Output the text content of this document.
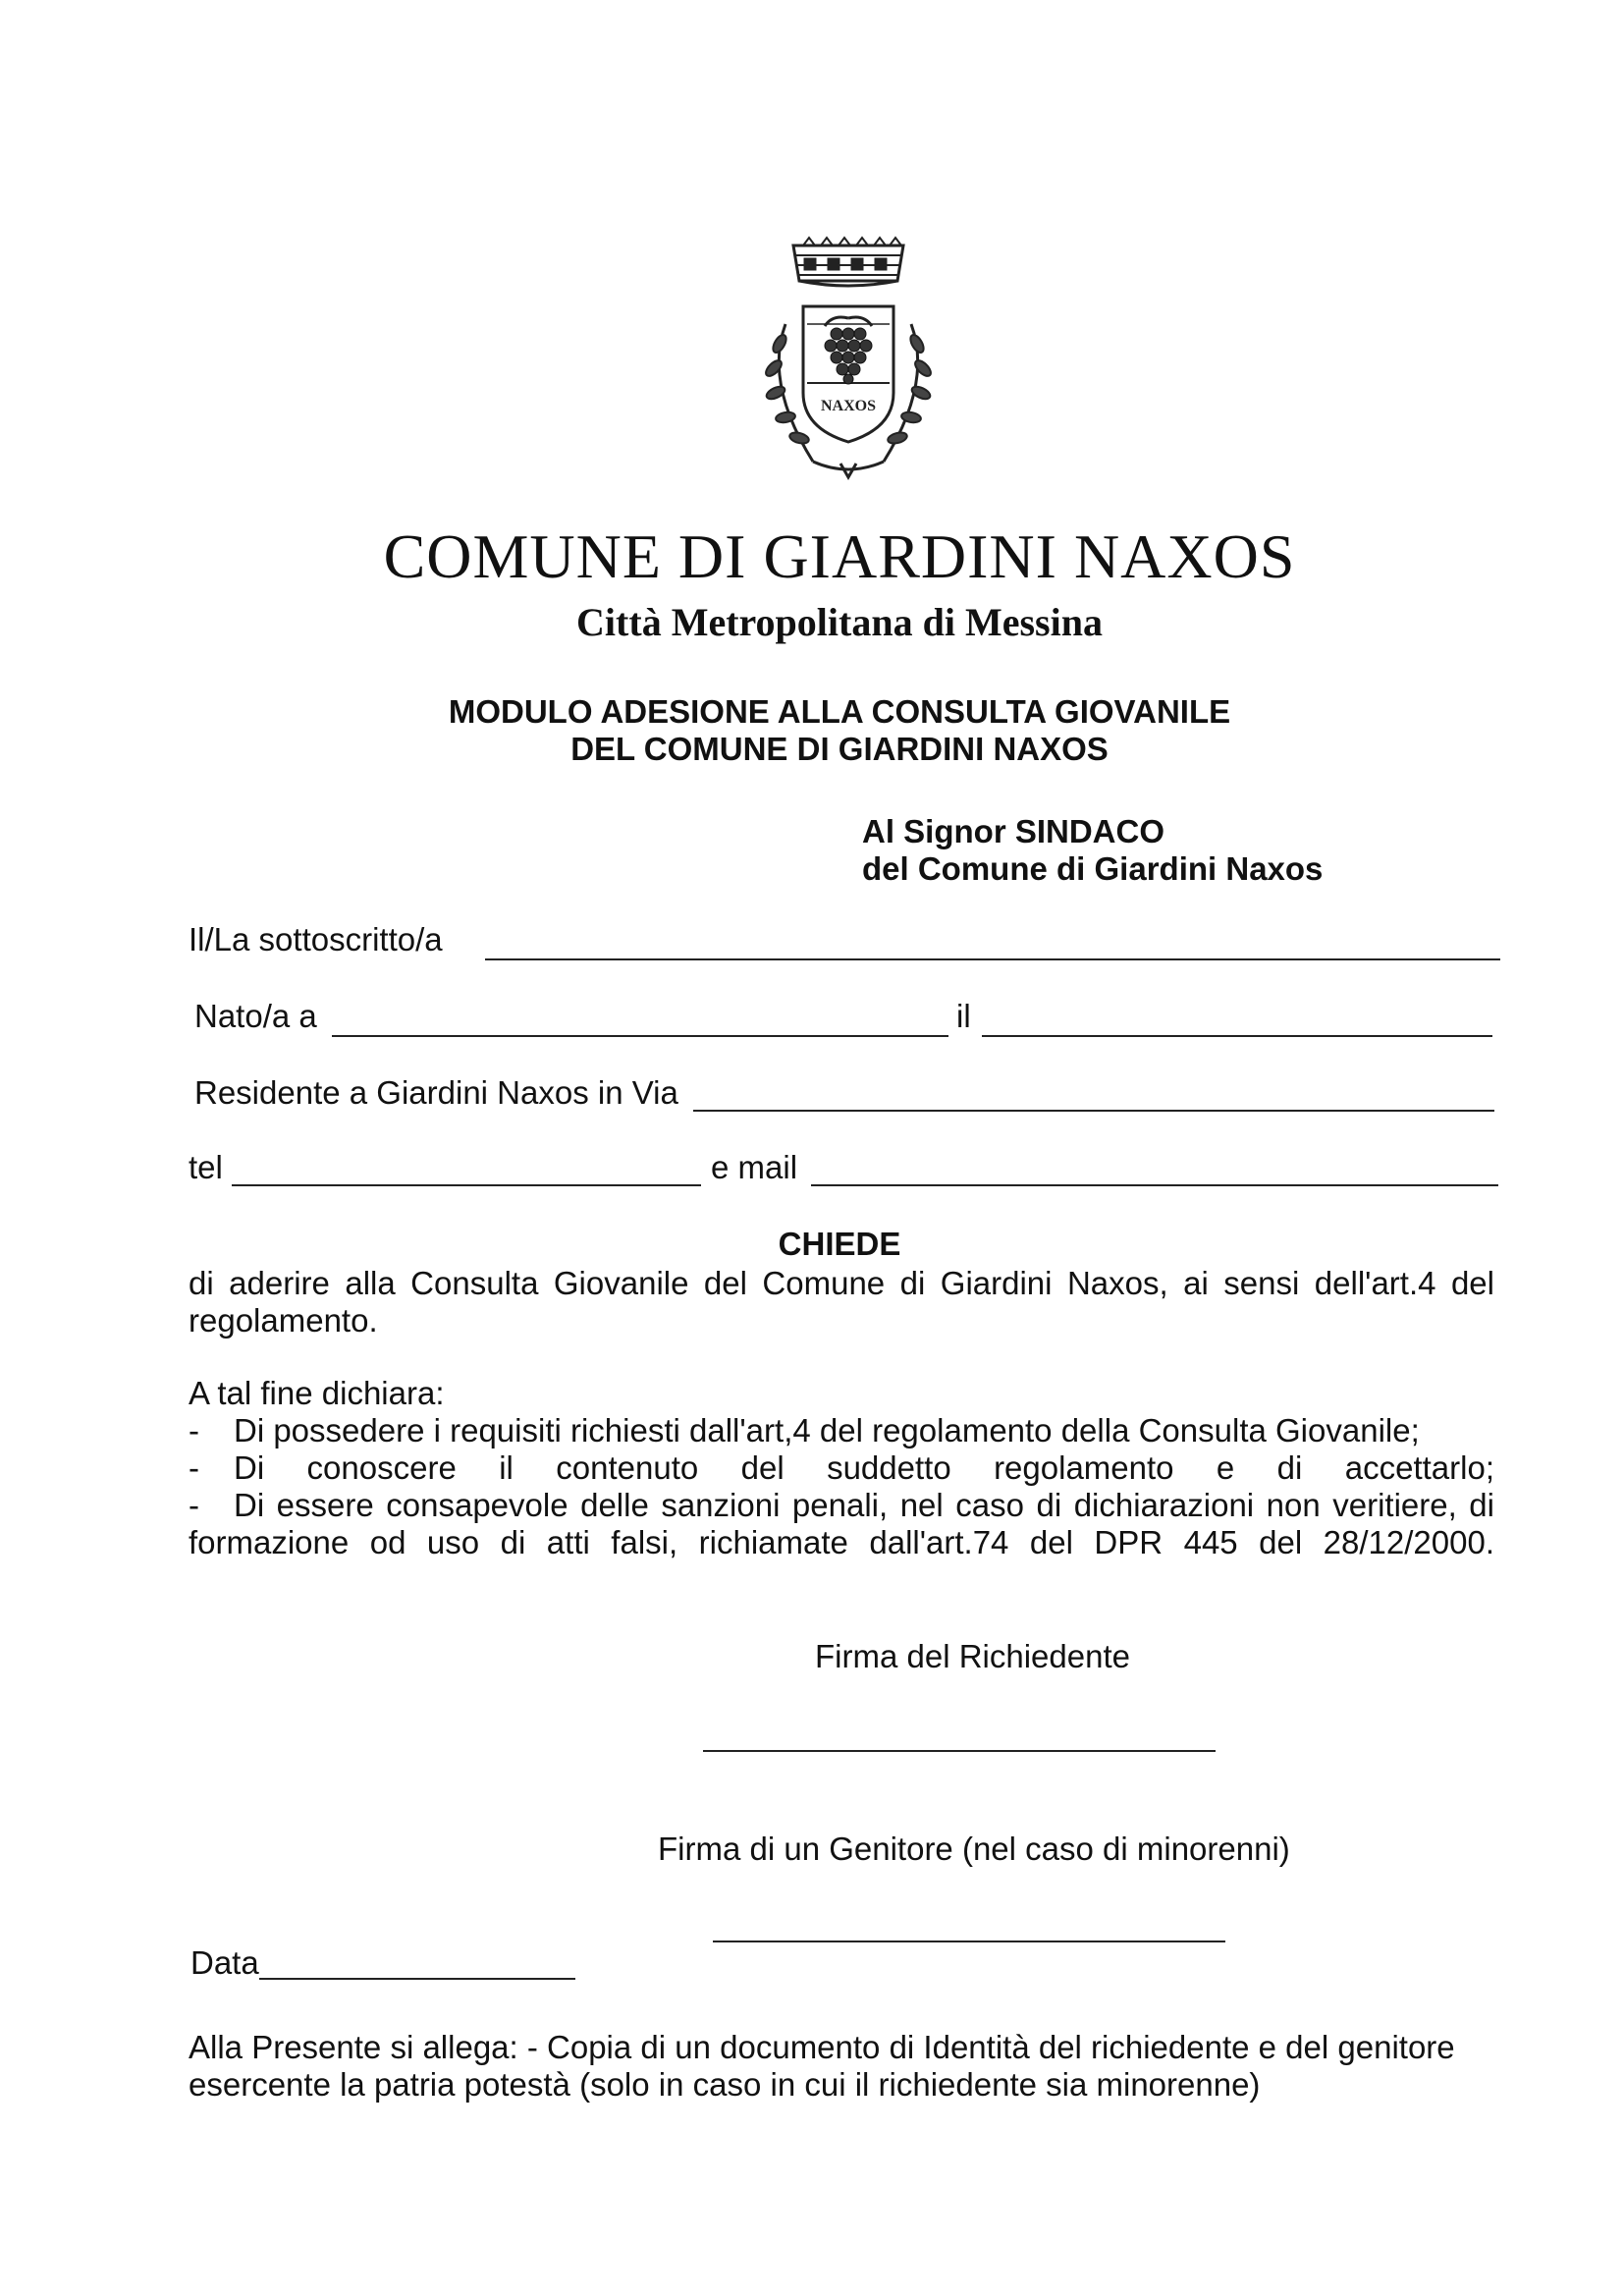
NAXOS
COMUNE DI GIARDINI NAXOS
Città Metropolitana di Messina
MODULO ADESIONE ALLA CONSULTA GIOVANILE
DEL COMUNE DI GIARDINI NAXOS
Al Signor SINDACO
del Comune di Giardini Naxos
Il/La sottoscritto/a
Nato/a a	il
Residente a Giardini Naxos in Via
tel	e mail
CHIEDE
di aderire alla Consulta Giovanile del Comune di Giardini Naxos, ai sensi dell'art.4 del
regolamento.
A tal fine dichiara:
- Di possedere i requisiti richiesti dall'art,4 del regolamento della Consulta Giovanile;
- Di conoscere il contenuto del suddetto regolamento e di accettarlo;
- Di essere consapevole delle sanzioni penali, nel caso di dichiarazioni non veritiere, di
formazione od uso di atti falsi, richiamate dall'art.74 del DPR 445 del 28/12/2000.
Firma del Richiedente
Firma di un Genitore (nel caso di minorenni)
Data
Alla Presente si allega: - Copia di un documento di Identità del richiedente e del genitore
esercente la patria potestà (solo in caso in cui il richiedente sia minorenne)
